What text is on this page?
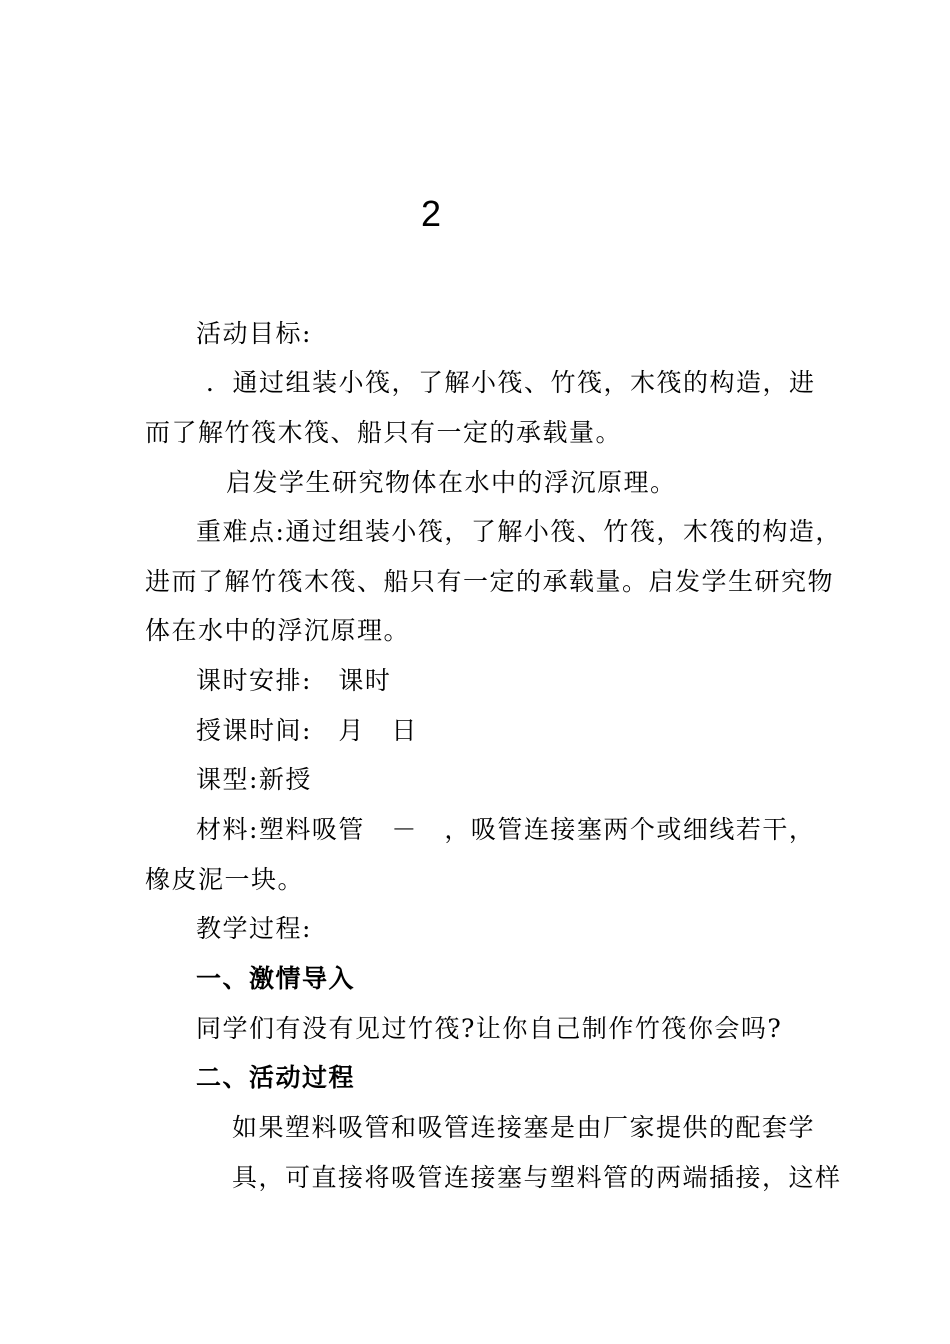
2
活动目标:
．通过组装小筏，了解小筏、竹筏，木筏的构造，进
而了解竹筏木筏、船只有一定的承载量。
启发学生研究物体在水中的浮沉原理。
重难点:通过组装小筏，了解小筏、竹筏，木筏的构造，
进而了解竹筏木筏、船只有一定的承载量。启发学生研究物
体在水中的浮沉原理。
课时安排:　课时
授课时间:　月　日
课型:新授
材料:塑料吸管　－　，吸管连接塞两个或细线若干，
橡皮泥一块。
教学过程:
一、激情导入
同学们有没有见过竹筏?让你自己制作竹筏你会吗?
二、活动过程
如果塑料吸管和吸管连接塞是由厂家提供的配套学
具，可直接将吸管连接塞与塑料管的两端插接，这样
